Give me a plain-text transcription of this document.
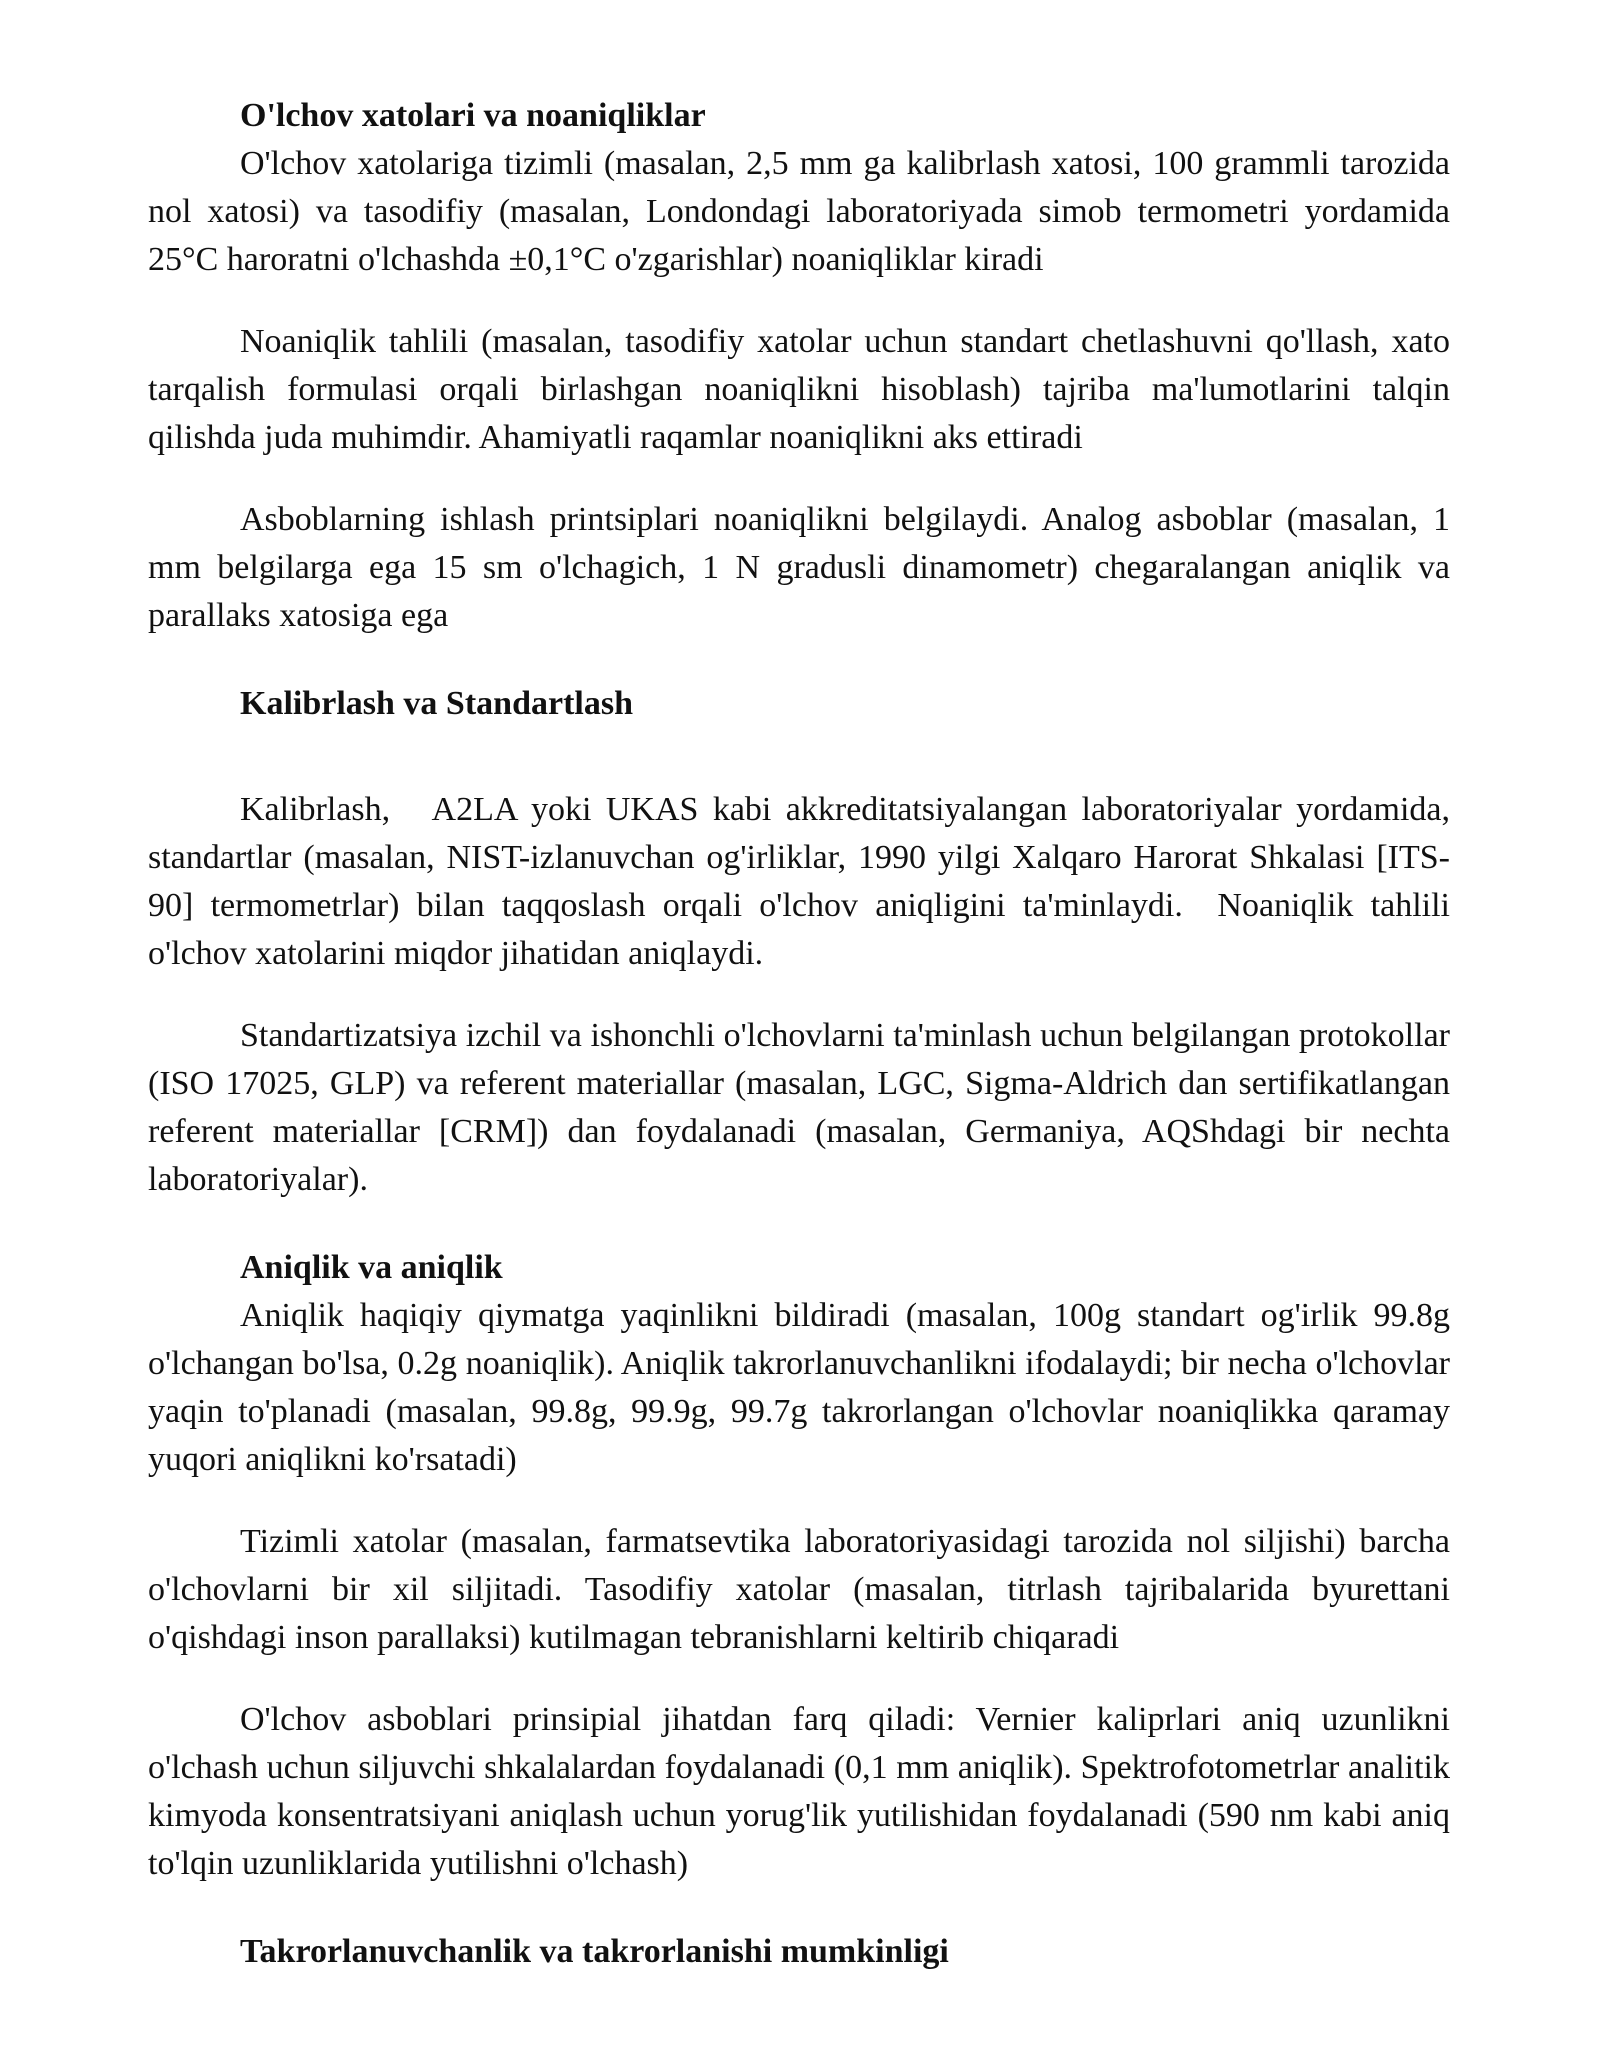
O'lchov xatolari va noaniqliklar

O'lchov xatolariga tizimli (masalan, 2,5 mm ga kalibrlash xatosi, 100 grammli tarozida nol xatosi) va tasodifiy (masalan, Londondagi laboratoriyada simob termometri yordamida 25°C haroratni o'lchashda ±0,1°C o'zgarishlar) noaniqliklar kiradi

Noaniqlik tahlili (masalan, tasodifiy xatolar uchun standart chetlashuvni qo'llash, xato tarqalish formulasi orqali birlashgan noaniqlikni hisoblash) tajriba ma'lumotlarini talqin qilishda juda muhimdir. Ahamiyatli raqamlar noaniqlikni aks ettiradi

Asboblarning ishlash printsiplari noaniqlikni belgilaydi. Analog asboblar (masalan, 1 mm belgilarga ega 15 sm o'lchagich, 1 N gradusli dinamometr) chegaralangan aniqlik va parallaks xatosiga ega

Kalibrlash va Standartlash

Kalibrlash,   A2LA yoki UKAS kabi akkreditatsiyalangan laboratoriyalar yordamida, standartlar (masalan, NIST-izlanuvchan og'irliklar, 1990 yilgi Xalqaro Harorat Shkalasi [ITS-90] termometrlar) bilan taqqoslash orqali o'lchov aniqligini ta'minlaydi.  Noaniqlik tahlili o'lchov xatolarini miqdor jihatidan aniqlaydi.

Standartizatsiya izchil va ishonchli o'lchovlarni ta'minlash uchun belgilangan protokollar (ISO 17025, GLP) va referent materiallar (masalan, LGC, Sigma-Aldrich dan sertifikatlangan referent materiallar [CRM]) dan foydalanadi (masalan, Germaniya, AQShdagi bir nechta laboratoriyalar).

Aniqlik va aniqlik

Aniqlik haqiqiy qiymatga yaqinlikni bildiradi (masalan, 100g standart og'irlik 99.8g o'lchangan bo'lsa, 0.2g noaniqlik). Aniqlik takrorlanuvchanlikni ifodalaydi; bir necha o'lchovlar yaqin to'planadi (masalan, 99.8g, 99.9g, 99.7g takrorlangan o'lchovlar noaniqlikka qaramay yuqori aniqlikni ko'rsatadi)

Tizimli xatolar (masalan, farmatsevtika laboratoriyasidagi tarozida nol siljishi) barcha o'lchovlarni bir xil siljitadi. Tasodifiy xatolar (masalan, titrlash tajribalarida byurettani o'qishdagi inson parallaksi) kutilmagan tebranishlarni keltirib chiqaradi

O'lchov asboblari prinsipial jihatdan farq qiladi: Vernier kaliprlari aniq uzunlikni o'lchash uchun siljuvchi shkalalardan foydalanadi (0,1 mm aniqlik). Spektrofotometrlar analitik kimyoda konsentratsiyani aniqlash uchun yorug'lik yutilishidan foydalanadi (590 nm kabi aniq to'lqin uzunliklarida yutilishni o'lchash)

Takrorlanuvchanlik va takrorlanishi mumkinligi
